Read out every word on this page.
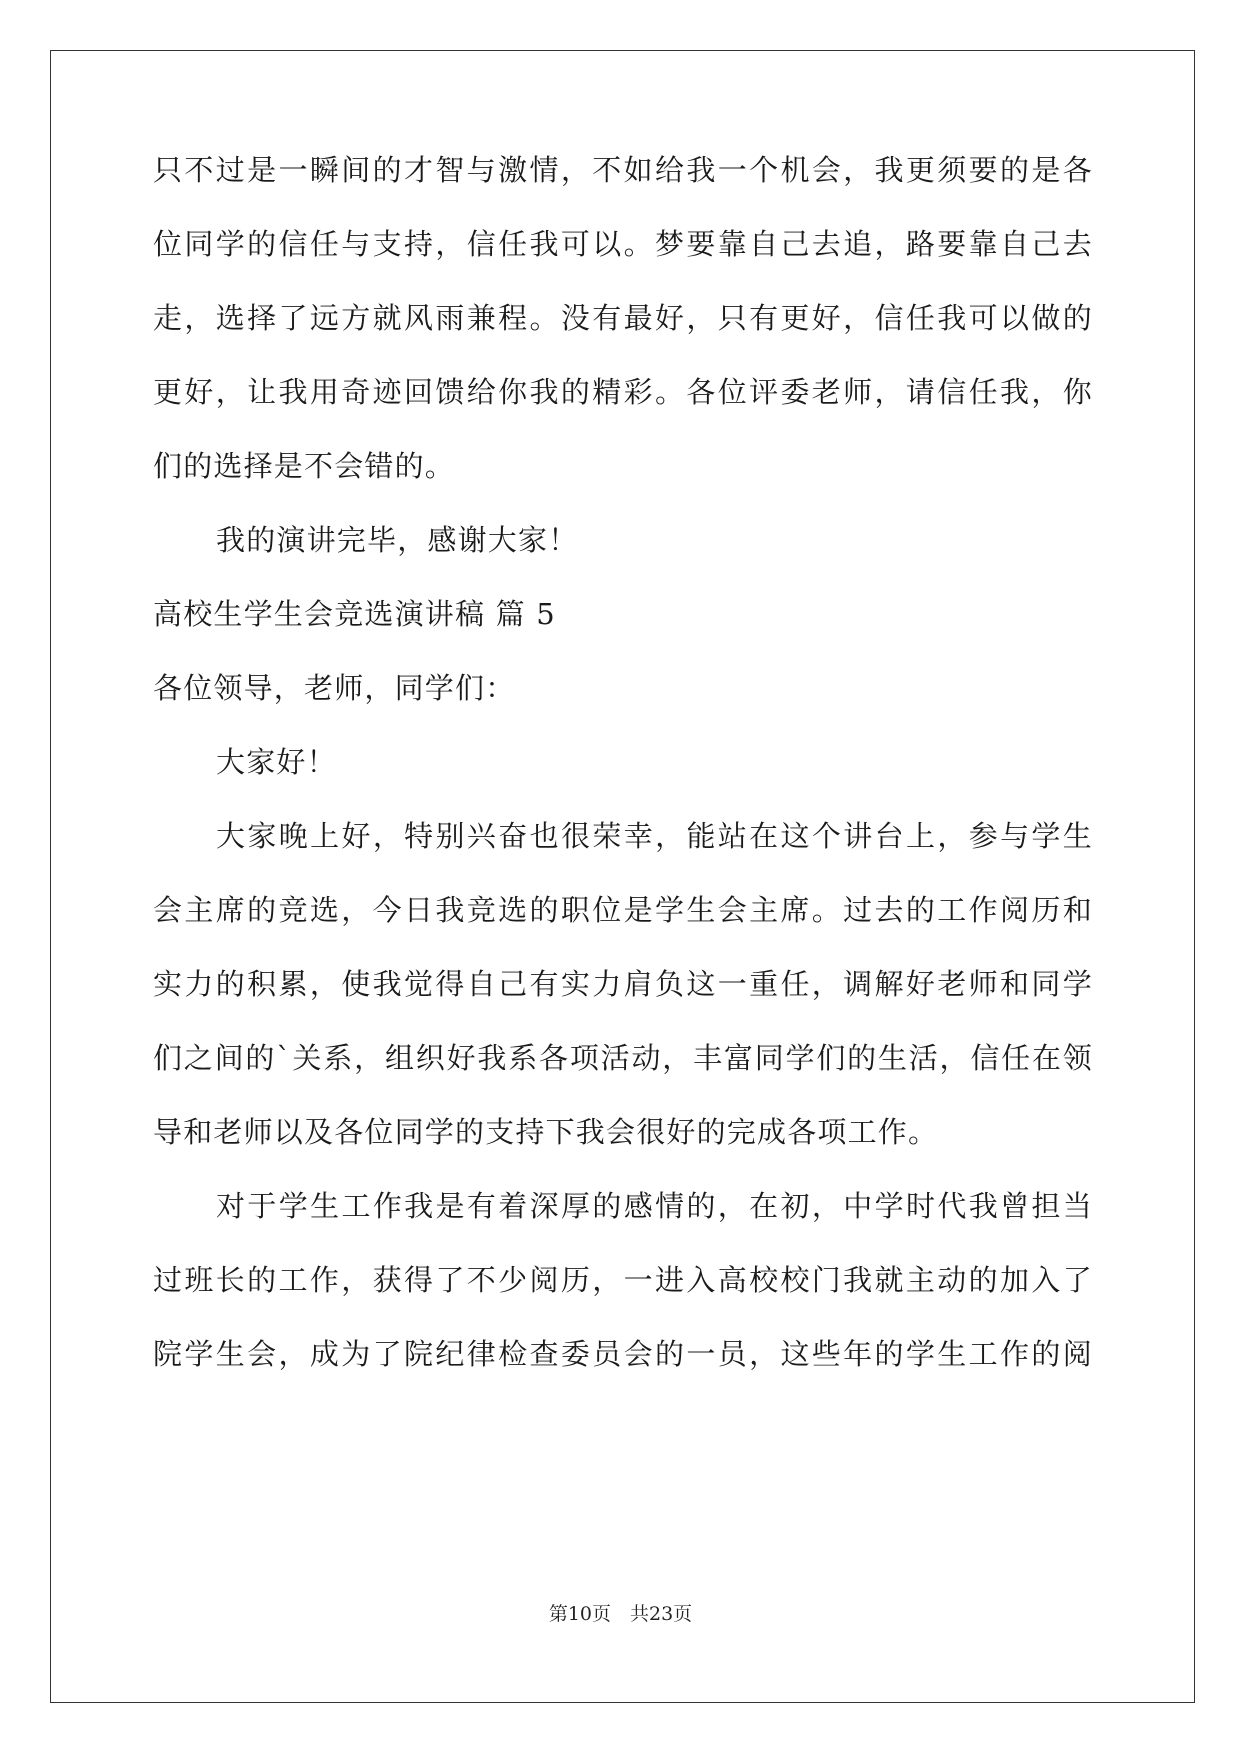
只不过是一瞬间的才智与激情，不如给我一个机会，我更须要的是各
位同学的信任与支持，信任我可以。梦要靠自己去追，路要靠自己去
走，选择了远方就风雨兼程。没有最好，只有更好，信任我可以做的
更好，让我用奇迹回馈给你我的精彩。各位评委老师，请信任我，你
们的选择是不会错的。
我的演讲完毕，感谢大家！
高校生学生会竞选演讲稿 篇 5
各位领导，老师，同学们：
大家好！
大家晚上好，特别兴奋也很荣幸，能站在这个讲台上，参与学生
会主席的竞选，今日我竞选的职位是学生会主席。过去的工作阅历和
实力的积累，使我觉得自己有实力肩负这一重任，调解好老师和同学
们之间的`关系，组织好我系各项活动，丰富同学们的生活，信任在领
导和老师以及各位同学的支持下我会很好的完成各项工作。
对于学生工作我是有着深厚的感情的，在初，中学时代我曾担当
过班长的工作，获得了不少阅历，一进入高校校门我就主动的加入了
院学生会，成为了院纪律检查委员会的一员，这些年的学生工作的阅
第10页　共23页
